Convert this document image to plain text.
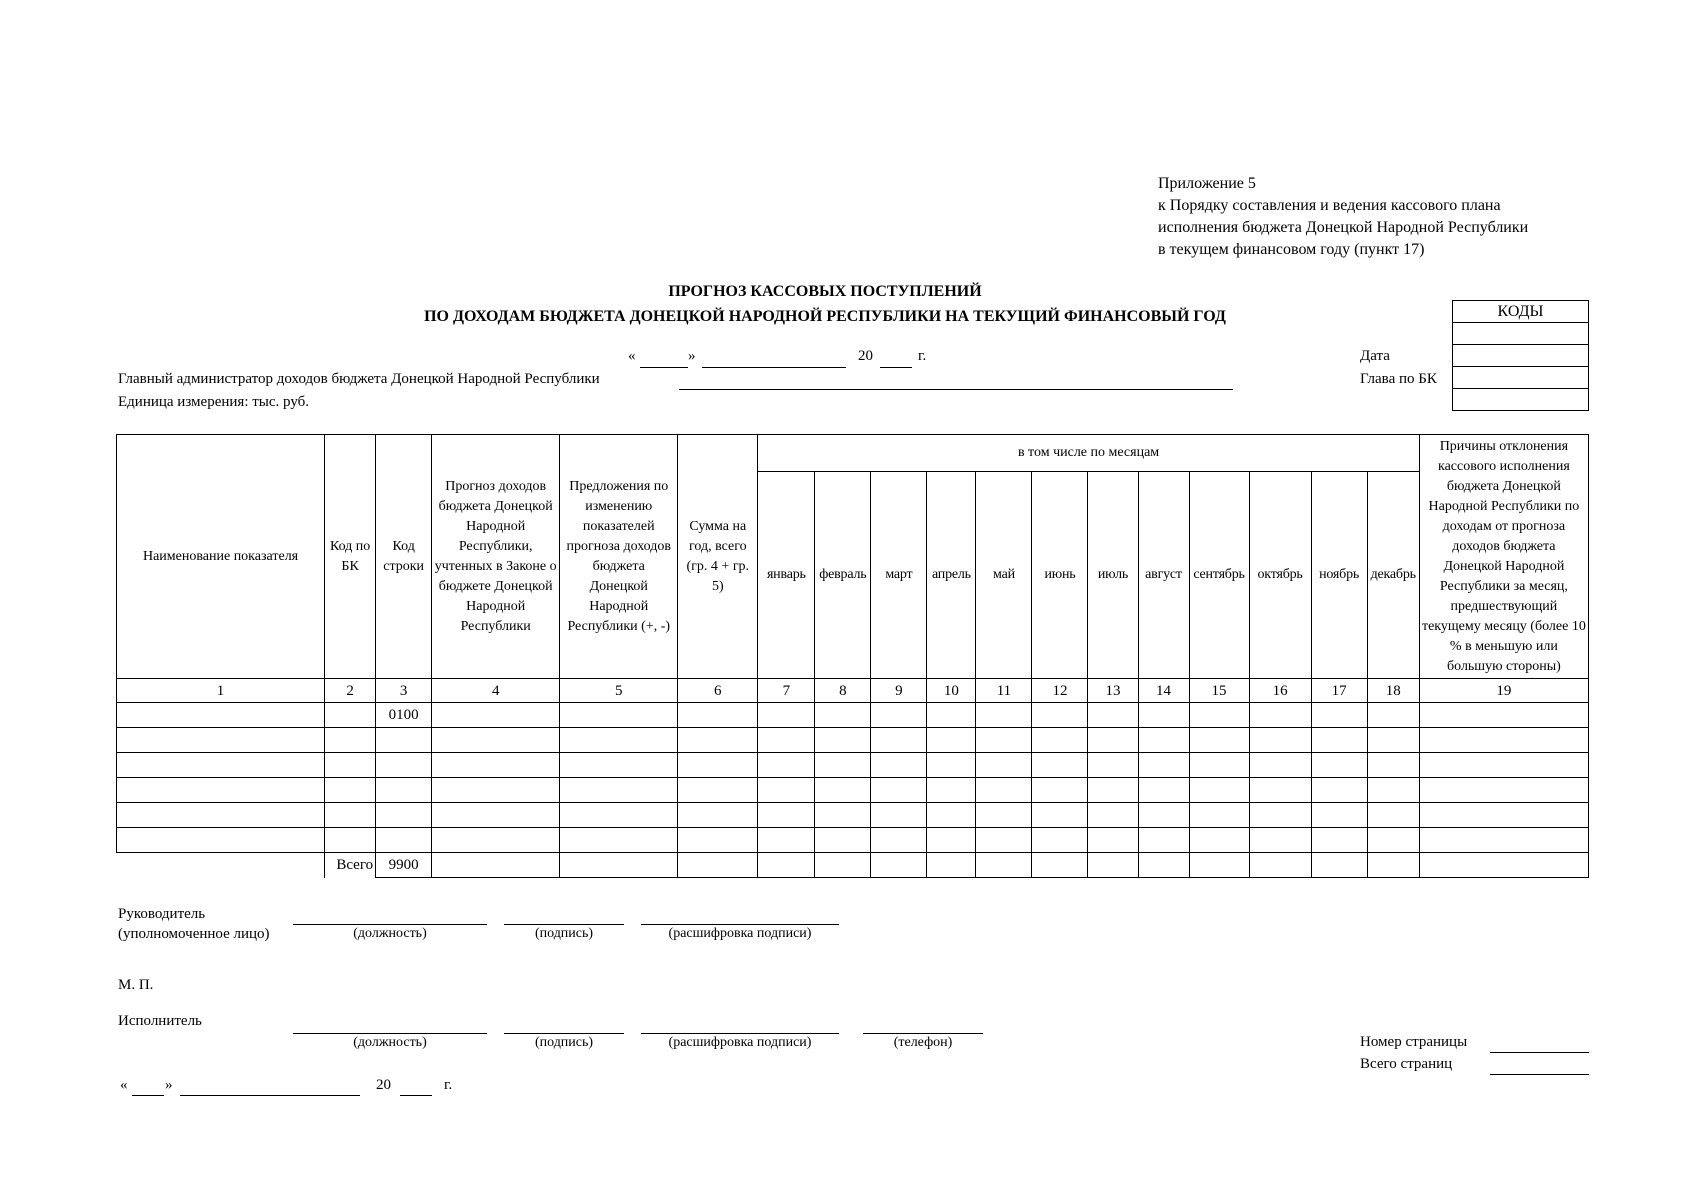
Приложение 5
к Порядку составления и ведения кассового плана
исполнения бюджета Донецкой Народной Республики
в текущем финансовом году (пункт 17)
ПРОГНОЗ КАССОВЫХ ПОСТУПЛЕНИЙ
ПО ДОХОДАМ БЮДЖЕТА ДОНЕЦКОЙ НАРОДНОЙ РЕСПУБЛИКИ НА ТЕКУЩИЙ ФИНАНСОВЫЙ ГОД	КОДЫ

Дата
Глава по БК
«	»	20	г.
Главный администратор доходов бюджета Донецкой Народной Республики
Единица измерения: тыс. руб.
Наименование показателя	Код по БК	Код строки	Прогноз доходов бюджета Донецкой Народной Республики, учтенных в Законе о бюджете Донецкой Народной Республики	Предложения по изменению показателей прогноза доходов бюджета Донецкой Народной Республики (+, -)	Сумма на год, всего (гр. 4 + гр. 5)	в том числе по месяцам												Причины отклонения кассового исполнения бюджета Донецкой Народной Республики по доходам от прогноза доходов бюджета Донецкой Народной Республики за месяц, предшествующий текущему месяцу (более 10 % в меньшую или большую стороны)
						январь	февраль	март	апрель	май	июнь	июль	август	сентябрь	октябрь	ноябрь	декабрь	
1	2	3	4	5	6	7	8	9	10	11	12	13	14	15	16	17	18	19
		0100																

	Всего	9900																
Руководитель
(уполномоченное лицо)	(должность)	(подпись)	(расшифровка подписи)
М. П.
Исполнитель
(должность)	(подпись)	(расшифровка подписи)	(телефон)
«	»	20	г.
Номер страницы
Всего страниц
